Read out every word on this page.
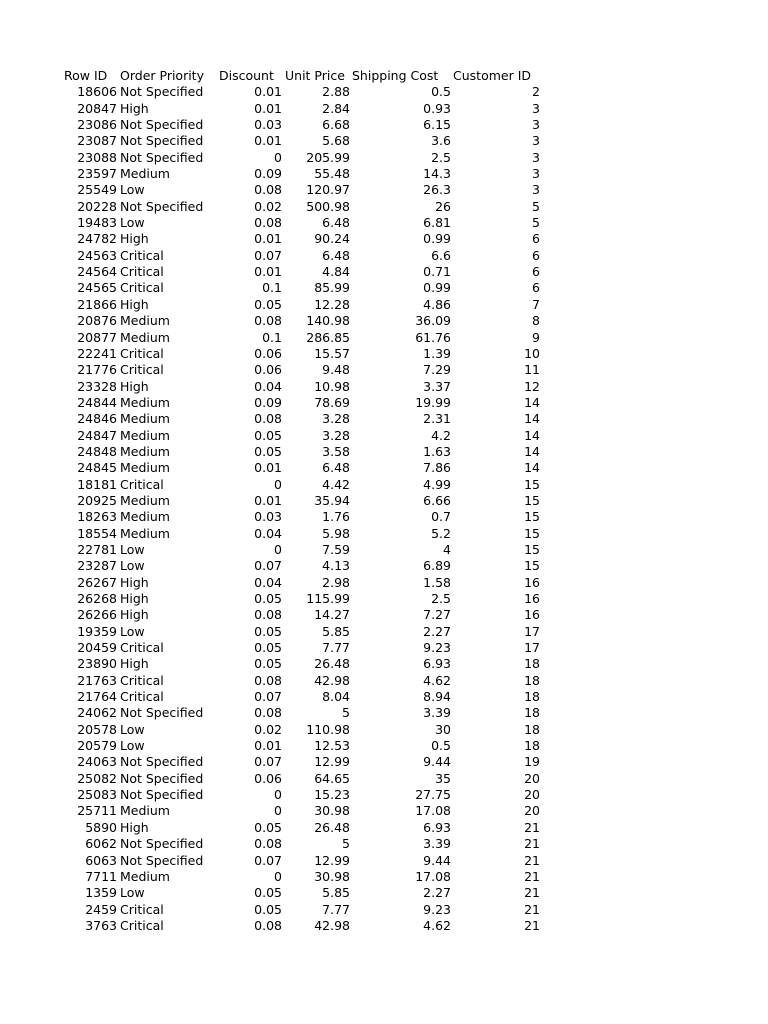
Row ID Order Priority Discount Unit Price Shipping Cost Customer ID
18606 Not Specified	0.01	2.88	0.5	2
20847 High	0.01	2.84	0.93	3
23086 Not Specified	0.03	6.68	6.15	3
23087 Not Specified	0.01	5.68	3.6	3
23088 Not Specified	0	205.99	2.5	3
23597 Medium	0.09	55.48	14.3	3
25549 Low	0.08	120.97	26.3	3
20228 Not Specified	0.02	500.98	26	5
19483 Low	0.08	6.48	6.81	5
24782 High	0.01	90.24	0.99	6
24563 Critical	0.07	6.48	6.6	6
24564 Critical	0.01	4.84	0.71	6
24565 Critical	0.1	85.99	0.99	6
21866 High	0.05	12.28	4.86	7
20876 Medium	0.08	140.98	36.09	8
20877 Medium	0.1	286.85	61.76	9
22241 Critical	0.06	15.57	1.39	10
21776 Critical	0.06	9.48	7.29	11
23328 High	0.04	10.98	3.37	12
24844 Medium	0.09	78.69	19.99	14
24846 Medium	0.08	3.28	2.31	14
24847 Medium	0.05	3.28	4.2	14
24848 Medium	0.05	3.58	1.63	14
24845 Medium	0.01	6.48	7.86	14
18181 Critical	0	4.42	4.99	15
20925 Medium	0.01	35.94	6.66	15
18263 Medium	0.03	1.76	0.7	15
18554 Medium	0.04	5.98	5.2	15
22781 Low	0	7.59	4	15
23287 Low	0.07	4.13	6.89	15
26267 High	0.04	2.98	1.58	16
26268 High	0.05	115.99	2.5	16
26266 High	0.08	14.27	7.27	16
19359 Low	0.05	5.85	2.27	17
20459 Critical	0.05	7.77	9.23	17
23890 High	0.05	26.48	6.93	18
21763 Critical	0.08	42.98	4.62	18
21764 Critical	0.07	8.04	8.94	18
24062 Not Specified	0.08	5	3.39	18
20578 Low	0.02	110.98	30	18
20579 Low	0.01	12.53	0.5	18
24063 Not Specified	0.07	12.99	9.44	19
25082 Not Specified	0.06	64.65	35	20
25083 Not Specified	0	15.23	27.75	20
25711 Medium	0	30.98	17.08	20
5890 High	0.05	26.48	6.93	21
6062 Not Specified	0.08	5	3.39	21
6063 Not Specified	0.07	12.99	9.44	21
7711 Medium	0	30.98	17.08	21
1359 Low	0.05	5.85	2.27	21
2459 Critical	0.05	7.77	9.23	21
3763 Critical	0.08	42.98	4.62	21
